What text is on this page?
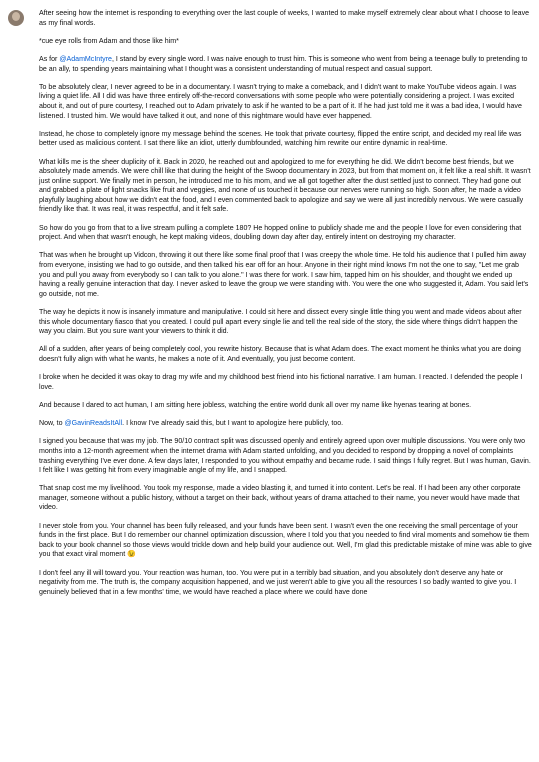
After seeing how the internet is responding to everything over the last couple of weeks, I wanted to make myself extremely clear about what I choose to leave as my final words.

*cue eye rolls from Adam and those like him*

As for @AdamMcIntyre, I stand by every single word. I was naive enough to trust him. This is someone who went from being a teenage bully to pretending to be an ally, to spending years maintaining what I thought was a consistent understanding of mutual respect and casual support.

To be absolutely clear, I never agreed to be in a documentary. I wasn't trying to make a comeback, and I didn't want to make YouTube videos again. I was living a quiet life. All I did was have three entirely off-the-record conversations with some people who were potentially considering a project. I was excited about it, and out of pure courtesy, I reached out to Adam privately to ask if he wanted to be a part of it. If he had just told me it was a bad idea, I would have listened. I trusted him. We would have talked it out, and none of this nightmare would have ever happened.

Instead, he chose to completely ignore my message behind the scenes. He took that private courtesy, flipped the entire script, and decided my real life was better used as malicious content. I sat there like an idiot, utterly dumbfounded, watching him rewrite our entire dynamic in real-time.

What kills me is the sheer duplicity of it. Back in 2020, he reached out and apologized to me for everything he did. We didn't become best friends, but we absolutely made amends. We were chill like that during the height of the Swoop documentary in 2023, but from that moment on, it felt like a real shift. It wasn't just online support. We finally met in person, he introduced me to his mom, and we all got together after the dust settled just to connect. They had gone out and grabbed a plate of light snacks like fruit and veggies, and none of us touched it because our nerves were running so high. Soon after, he made a video playfully laughing about how we didn't eat the food, and I even commented back to apologize and say we were all just incredibly nervous. We were casually friendly like that. It was real, it was respectful, and it felt safe.

So how do you go from that to a live stream pulling a complete 180? He hopped online to publicly shade me and the people I love for even considering that project. And when that wasn't enough, he kept making videos, doubling down day after day, entirely intent on destroying my character.

That was when he brought up Vidcon, throwing it out there like some final proof that I was creepy the whole time. He told his audience that I pulled him away from everyone, insisting we had to go outside, and then talked his ear off for an hour. Anyone in their right mind knows I'm not the one to say, "Let me grab you and pull you away from everybody so I can talk to you alone." I was there for work. I saw him, tapped him on his shoulder, and thought we ended up having a really genuine interaction that day. I never asked to leave the group we were standing with. You were the one who suggested it, Adam. You said let's go outside, not me.

The way he depicts it now is insanely immature and manipulative. I could sit here and dissect every single little thing you went and made videos about after this whole documentary fiasco that you created. I could pull apart every single lie and tell the real side of the story, the side where things didn't happen the way you claim. But you sure want your viewers to think it did.

All of a sudden, after years of being completely cool, you rewrite history. Because that is what Adam does. The exact moment he thinks what you are doing doesn't fully align with what he wants, he makes a note of it. And eventually, you just become content.

I broke when he decided it was okay to drag my wife and my childhood best friend into his fictional narrative. I am human. I reacted. I defended the people I love.

And because I dared to act human, I am sitting here jobless, watching the entire world dunk all over my name like hyenas tearing at bones.

Now, to @GavinReadsItAll. I know I've already said this, but I want to apologize here publicly, too.

I signed you because that was my job. The 90/10 contract split was discussed openly and entirely agreed upon over multiple discussions. You were only two months into a 12-month agreement when the internet drama with Adam started unfolding, and you decided to respond by dropping a novel of complaints trashing everything I've ever done. A few days later, I responded to you without empathy and became rude. I said things I fully regret. But I was human, Gavin. I felt like I was getting hit from every imaginable angle of my life, and I snapped.

That snap cost me my livelihood. You took my response, made a video blasting it, and turned it into content. Let's be real. If I had been any other corporate manager, someone without a public history, without a target on their back, without years of drama attached to their name, you never would have made that video.

I never stole from you. Your channel has been fully released, and your funds have been sent. I wasn't even the one receiving the small percentage of your funds in the first place. But I do remember our channel optimization discussion, where I told you that you needed to find viral moments and somehow tie them back to your book channel so those views would trickle down and help build your audience out. Well, I'm glad this predictable mistake of mine was able to give you that exact viral moment 😉

I don't feel any ill will toward you. Your reaction was human, too. You were put in a terribly bad situation, and you absolutely don't deserve any hate or negativity from me. The truth is, the company acquisition happened, and we just weren't able to give you all the resources I so badly wanted to give you. I genuinely believed that in a few months' time, we would have reached a place where we could have done
